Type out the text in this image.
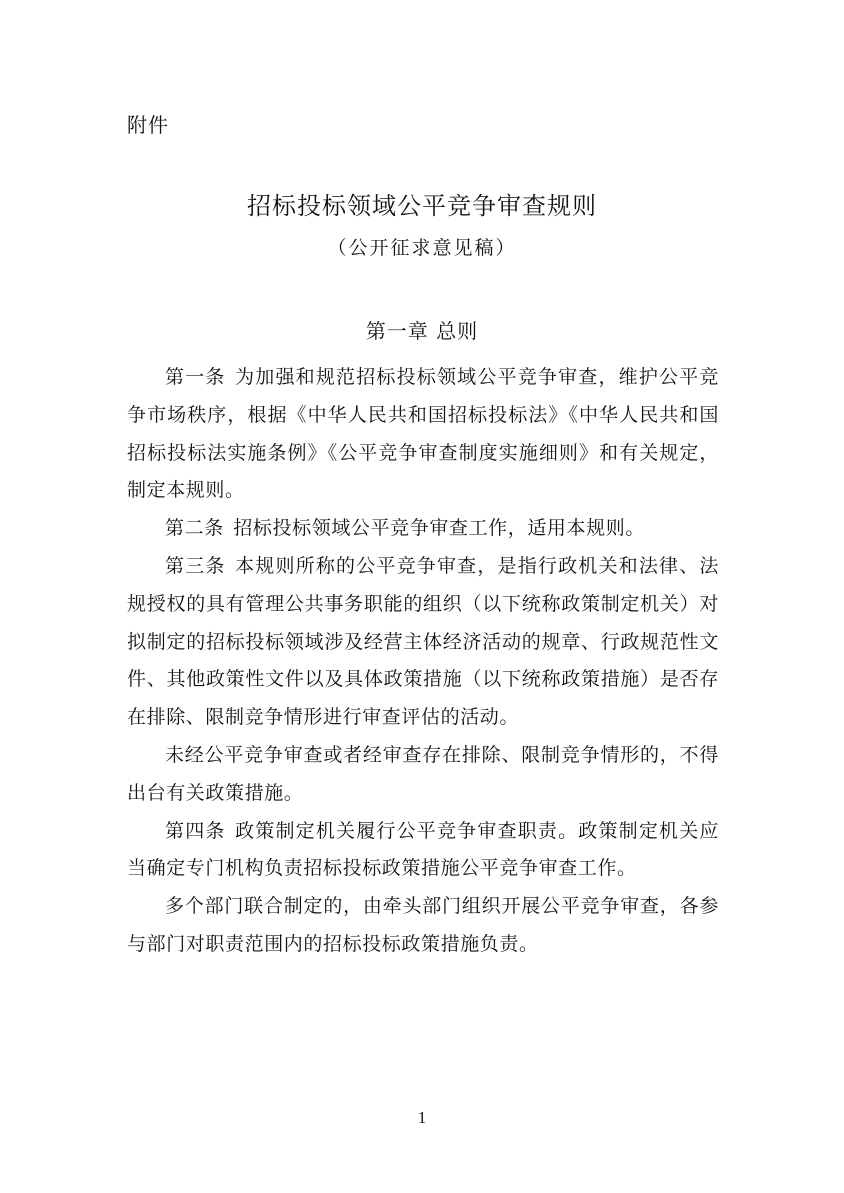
附件
招标投标领域公平竞争审查规则
（公开征求意见稿）
第一章 总则

第一条 为加强和规范招标投标领域公平竞争审查，维护公平竞争市场秩序，根据《中华人民共和国招标投标法》《中华人民共和国招标投标法实施条例》《公平竞争审查制度实施细则》和有关规定，制定本规则。

第二条 招标投标领域公平竞争审查工作，适用本规则。

第三条 本规则所称的公平竞争审查，是指行政机关和法律、法规授权的具有管理公共事务职能的组织（以下统称政策制定机关）对拟制定的招标投标领域涉及经营主体经济活动的规章、行政规范性文件、其他政策性文件以及具体政策措施（以下统称政策措施）是否存在排除、限制竞争情形进行审查评估的活动。

未经公平竞争审查或者经审查存在排除、限制竞争情形的，不得出台有关政策措施。

第四条 政策制定机关履行公平竞争审查职责。政策制定机关应当确定专门机构负责招标投标政策措施公平竞争审查工作。

多个部门联合制定的，由牵头部门组织开展公平竞争审查，各参与部门对职责范围内的招标投标政策措施负责。

1
